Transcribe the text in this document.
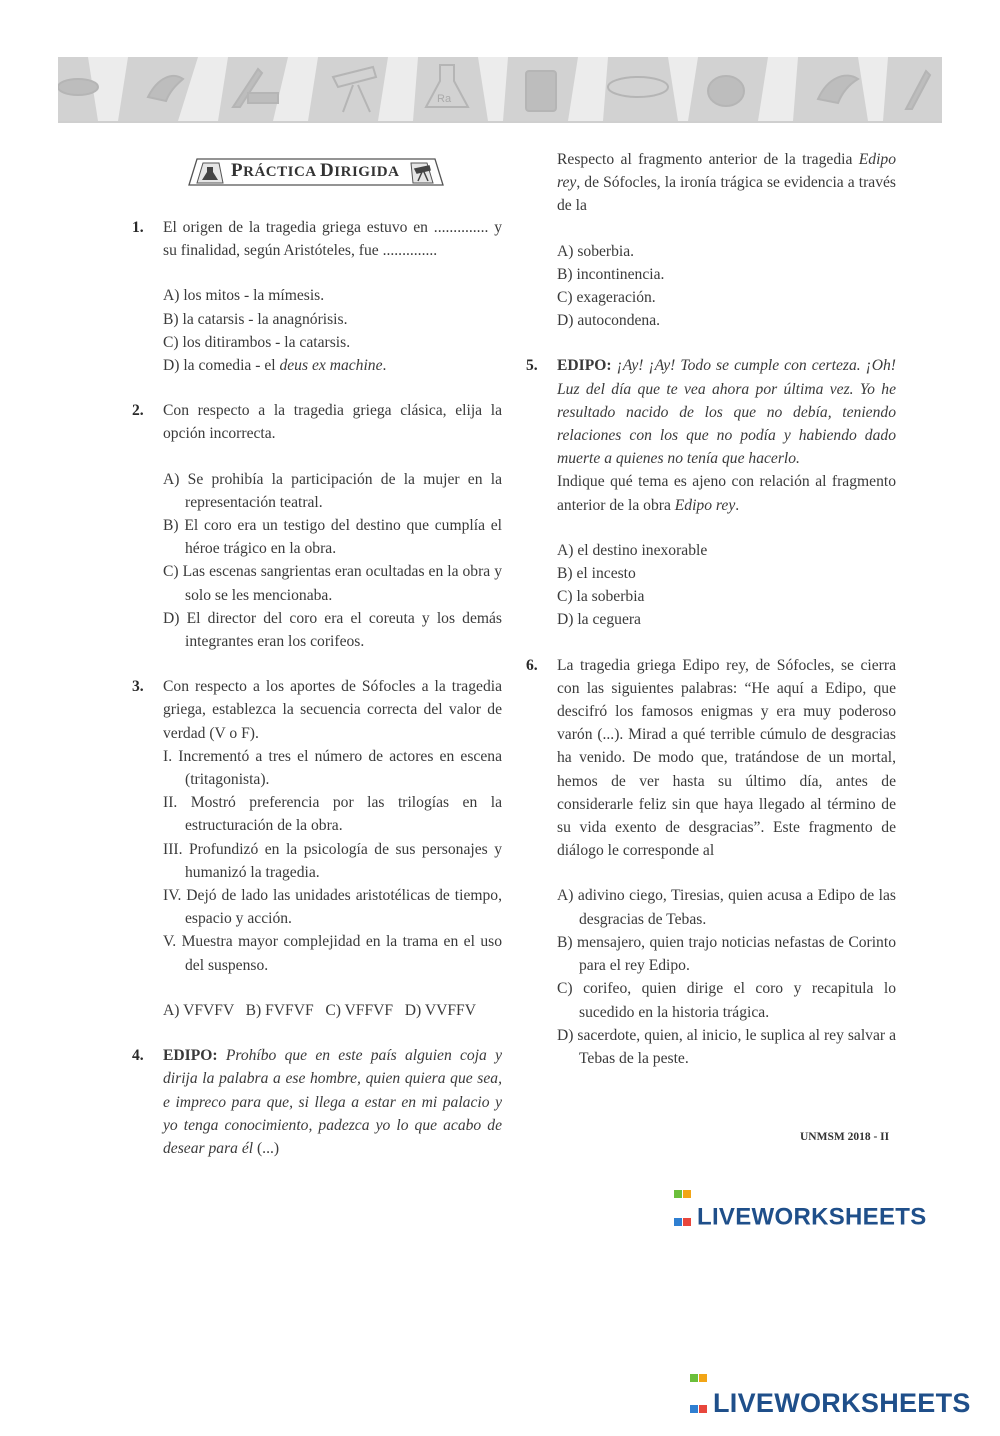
Ra
PRÁCTICA DIRIGIDA
1. El origen de la tragedia griega estuvo en .............. y su finalidad, según Aristóteles, fue ..............
A) los mitos - la mímesis.
B) la catarsis - la anagnórisis.
C) los ditirambos - la catarsis.
D) la comedia - el deus ex machine.
2. Con respecto a la tragedia griega clásica, elija la opción incorrecta.
A) Se prohibía la participación de la mujer en la representación teatral.
B) El coro era un testigo del destino que cumplía el héroe trágico en la obra.
C) Las escenas sangrientas eran ocultadas en la obra y solo se les mencionaba.
D) El director del coro era el coreuta y los demás integrantes eran los corifeos.
3. Con respecto a los aportes de Sófocles a la tragedia griega, establezca la secuencia correcta del valor de verdad (V o F).
I. Incrementó a tres el número de actores en escena (tritagonista).
II. Mostró preferencia por las trilogías en la estructuración de la obra.
III. Profundizó en la psicología de sus personajes y humanizó la tragedia.
IV. Dejó de lado las unidades aristotélicas de tiempo, espacio y acción.
V. Muestra mayor complejidad en la trama en el uso del suspenso.
A) VFVFV   B) FVFVF   C) VFFVF   D) VVFFV
4. EDIPO: Prohíbo que en este país alguien coja y dirija la palabra a ese hombre, quien quiera que sea, e impreco para que, si llega a estar en mi palacio y yo tenga conocimiento, padezca yo lo que acabo de desear para él (...)
Respecto al fragmento anterior de la tragedia Edipo rey, de Sófocles, la ironía trágica se evidencia a través de la
A) soberbia.
B) incontinencia.
C) exageración.
D) autocondena.
5. EDIPO: ¡Ay! ¡Ay! Todo se cumple con certeza. ¡Oh! Luz del día que te vea ahora por última vez. Yo he resultado nacido de los que no debía, teniendo relaciones con los que no podía y habiendo dado muerte a quienes no tenía que hacerlo.
Indique qué tema es ajeno con relación al fragmento anterior de la obra Edipo rey.
A) el destino inexorable
B) el incesto
C) la soberbia
D) la ceguera
6. La tragedia griega Edipo rey, de Sófocles, se cierra con las siguientes palabras: “He aquí a Edipo, que descifró los famosos enigmas y era muy poderoso varón (...). Mirad a qué terrible cúmulo de desgracias ha venido. De modo que, tratándose de un mortal, hemos de ver hasta su último día, antes de considerarle feliz sin que haya llegado al término de su vida exento de desgracias”. Este fragmento de diálogo le corresponde al
A) adivino ciego, Tiresias, quien acusa a Edipo de las desgracias de Tebas.
B) mensajero, quien trajo noticias nefastas de Corinto para el rey Edipo.
C) corifeo, quien dirige el coro y recapitula lo sucedido en la historia trágica.
D) sacerdote, quien, al inicio, le suplica al rey salvar a Tebas de la peste.
UNMSM 2018 - II

LIVEWORKSHEETS

LIVEWORKSHEETS
